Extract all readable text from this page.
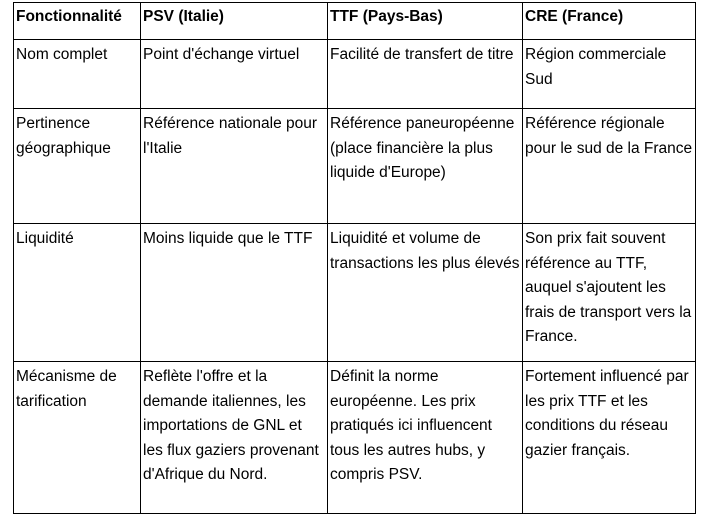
Fonctionnalité	PSV (Italie)	TTF (Pays-Bas)	CRE (France)
Nom complet	Point d'échange virtuel	Facilité de transfert de titre	Région commerciale Sud
Pertinence géographique	Référence nationale pour l'Italie	Référence paneuropéenne (place financière la plus liquide d'Europe)	Référence régionale pour le sud de la France
Liquidité	Moins liquide que le TTF	Liquidité et volume de transactions les plus élevés	Son prix fait souvent référence au TTF, auquel s'ajoutent les frais de transport vers la France.
Mécanisme de tarification	Reflète l'offre et la demande italiennes, les importations de GNL et les flux gaziers provenant d'Afrique du Nord.	Définit la norme européenne. Les prix pratiqués ici influencent tous les autres hubs, y compris PSV.	Fortement influencé par les prix TTF et les conditions du réseau gazier français.
